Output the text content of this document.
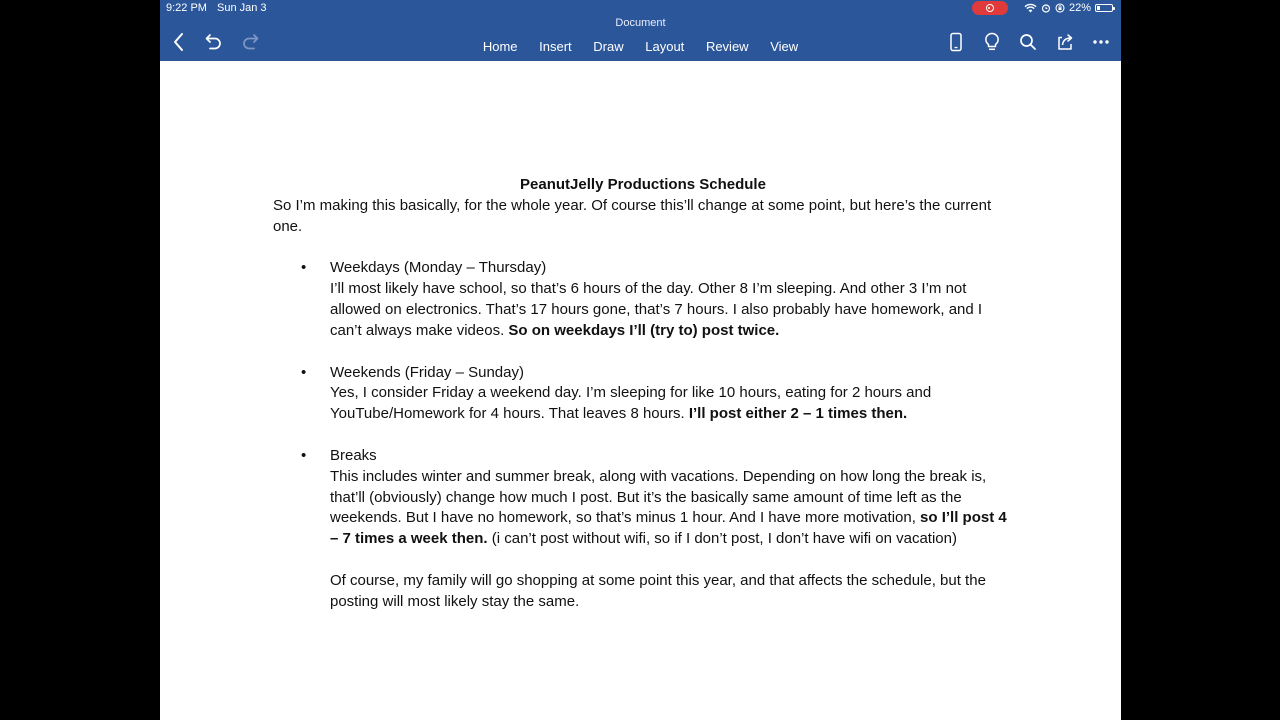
9:22 PM Sun Jan 3
Document
22%
Home Insert Draw Layout Review View

PeanutJelly Productions Schedule

So I’m making this basically, for the whole year. Of course this’ll change at some point, but here’s the current one.

• Weekdays (Monday – Thursday)

I’ll most likely have school, so that’s 6 hours of the day. Other 8 I’m sleeping. And other 3 I’m not allowed on electronics. That’s 17 hours gone, that’s 7 hours. I also probably have homework, and I can’t always make videos. So on weekdays I’ll (try to) post twice.

• Weekends (Friday – Sunday)

Yes, I consider Friday a weekend day. I’m sleeping for like 10 hours, eating for 2 hours and YouTube/Homework for 4 hours. That leaves 8 hours. I’ll post either 2 – 1 times then.

• Breaks

This includes winter and summer break, along with vacations. Depending on how long the break is, that’ll (obviously) change how much I post. But it’s the basically same amount of time left as the weekends. But I have no homework, so that’s minus 1 hour. And I have more motivation, so I’ll post 4 – 7 times a week then. (i can’t post without wifi, so if I don’t post, I don’t have wifi on vacation)

Of course, my family will go shopping at some point this year, and that affects the schedule, but the posting will most likely stay the same.
